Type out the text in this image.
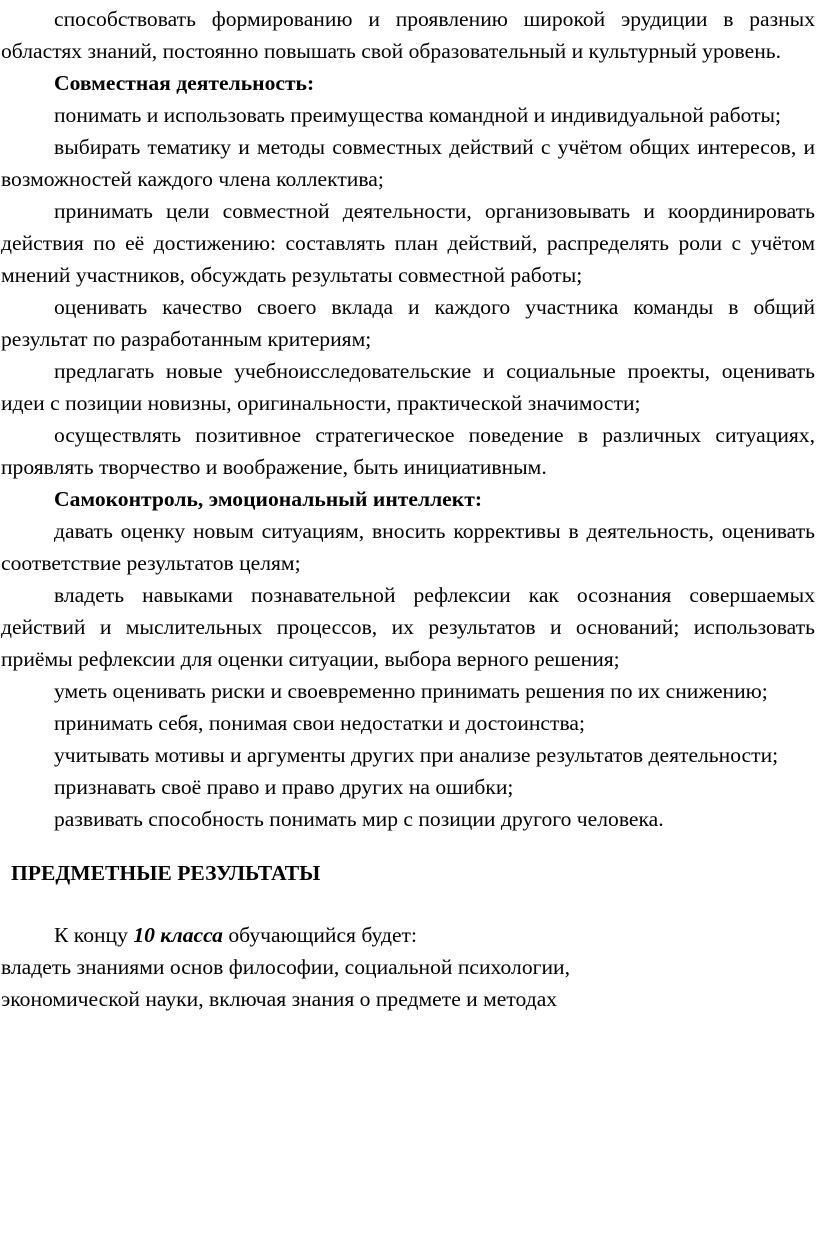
способствовать формированию и проявлению широкой эрудиции в разных областях знаний, постоянно повышать свой образовательный и культурный уровень.

Совместная деятельность:

понимать и использовать преимущества командной и индивидуальной работы;

выбирать тематику и методы совместных действий с учётом общих интересов, и возможностей каждого члена коллектива;

принимать цели совместной деятельности, организовывать и координировать действия по её достижению: составлять план действий, распределять роли с учётом мнений участников, обсуждать результаты совместной работы;

оценивать качество своего вклада и каждого участника команды в общий результат по разработанным критериям;

предлагать новые учебноисследовательские и социальные проекты, оценивать идеи с позиции новизны, оригинальности, практической значимости;

осуществлять позитивное стратегическое поведение в различных ситуациях, проявлять творчество и воображение, быть инициативным.

Самоконтроль, эмоциональный интеллект:

давать оценку новым ситуациям, вносить коррективы в деятельность, оценивать соответствие результатов целям;

владеть навыками познавательной рефлексии как осознания совершаемых действий и мыслительных процессов, их результатов и оснований; использовать приёмы рефлексии для оценки ситуации, выбора верного решения;

уметь оценивать риски и своевременно принимать решения по их снижению;

принимать себя, понимая свои недостатки и достоинства;

учитывать мотивы и аргументы других при анализе результатов деятельности;

признавать своё право и право других на ошибки;

развивать способность понимать мир с позиции другого человека.

ПРЕДМЕТНЫЕ РЕЗУЛЬТАТЫ

К концу 10 класса обучающийся будет:

владеть знаниями основ философии, социальной психологии,

экономической науки, включая знания о предмете и методах
